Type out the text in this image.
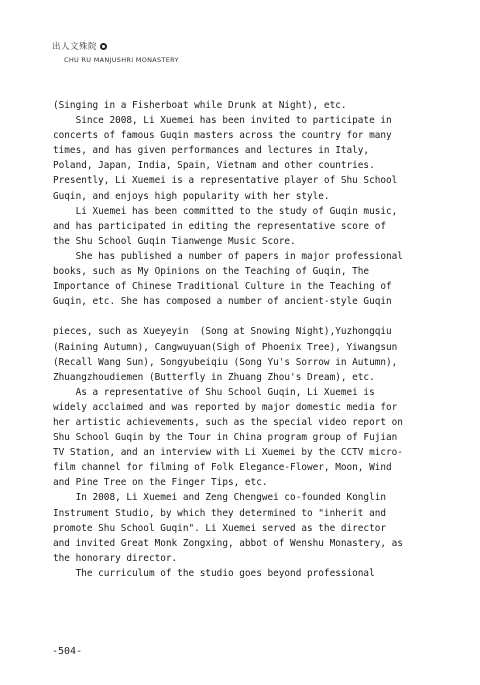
出人文殊院
CHU RU MANJUSHRI MONASTERY

(Singing in a Fisherboat while Drunk at Night), etc.

Since 2008, Li Xuemei has been invited to participate in
concerts of famous Guqin masters across the country for many
times, and has given performances and lectures in Italy,
Poland, Japan, India, Spain, Vietnam and other countries.
Presently, Li Xuemei is a representative player of Shu School
Guqin, and enjoys high popularity with her style.

Li Xuemei has been committed to the study of Guqin music,
and has participated in editing the representative score of
the Shu School Guqin Tianwenge Music Score.

She has published a number of papers in major professional
books, such as My Opinions on the Teaching of Guqin, The
Importance of Chinese Traditional Culture in the Teaching of
Guqin, etc. She has composed a number of ancient-style Guqin

pieces, such as Xueyeyin  (Song at Snowing Night),Yuzhongqiu
(Raining Autumn), Cangwuyuan(Sigh of Phoenix Tree), Yiwangsun
(Recall Wang Sun), Songyubeiqiu (Song Yu's Sorrow in Autumn),
Zhuangzhoudiemen (Butterfly in Zhuang Zhou's Dream), etc.

As a representative of Shu School Guqin, Li Xuemei is
widely acclaimed and was reported by major domestic media for
her artistic achievements, such as the special video report on
Shu School Guqin by the Tour in China program group of Fujian
TV Station, and an interview with Li Xuemei by the CCTV micro-
film channel for filming of Folk Elegance-Flower, Moon, Wind
and Pine Tree on the Finger Tips, etc.

In 2008, Li Xuemei and Zeng Chengwei co-founded Konglin
Instrument Studio, by which they determined to "inherit and
promote Shu School Guqin". Li Xuemei served as the director
and invited Great Monk Zongxing, abbot of Wenshu Monastery, as
the honorary director.

The curriculum of the studio goes beyond professional

-504-
